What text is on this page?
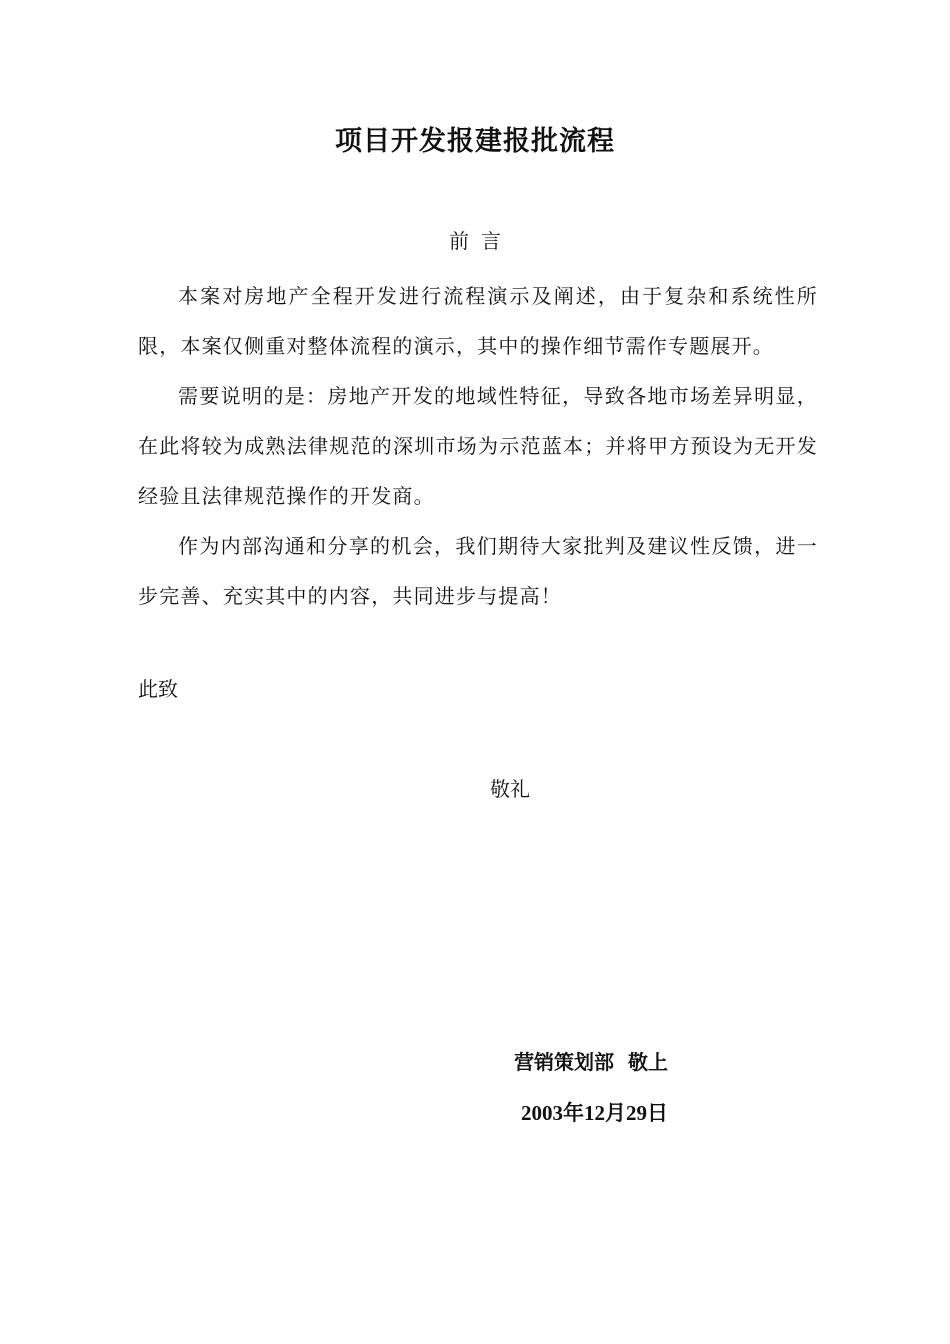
项目开发报建报批流程
前 言

本案对房地产全程开发进行流程演示及阐述，由于复杂和系统性所限，本案仅侧重对整体流程的演示，其中的操作细节需作专题展开。

需要说明的是：房地产开发的地域性特征，导致各地市场差异明显，在此将较为成熟法律规范的深圳市场为示范蓝本；并将甲方预设为无开发经验且法律规范操作的开发商。

作为内部沟通和分享的机会，我们期待大家批判及建议性反馈，进一步完善、充实其中的内容，共同进步与提高！

此致
敬礼
营销策划部  敬上
2003年12月29日
